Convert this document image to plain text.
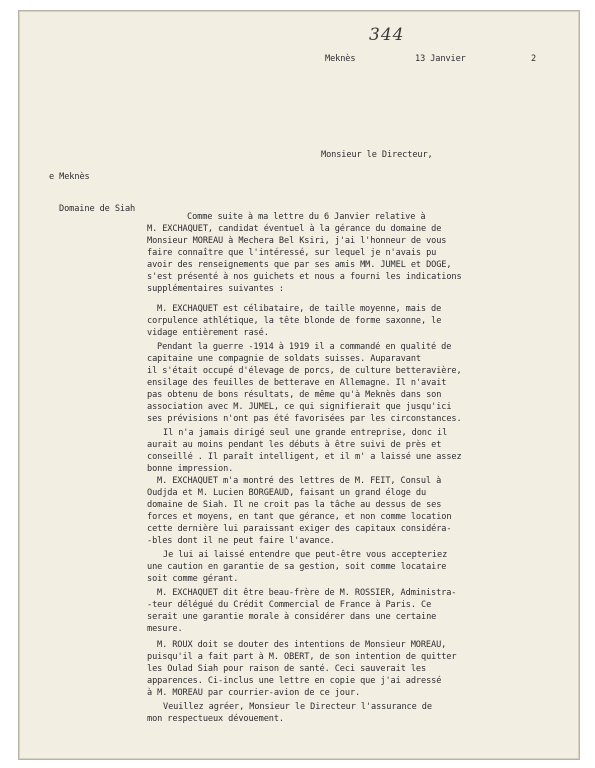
344
Meknès	13 Janvier	2
Monsieur le Directeur,
e Meknès
Domaine de Siah
Comme suite à ma lettre du 6 Janvier relative à
M. EXCHAQUET, candidat éventuel à la gérance du domaine de
Monsieur MOREAU à Mechera Bel Ksiri, j'ai l'honneur de vous
faire connaître que l'intéressé, sur lequel je n'avais pu
avoir des renseignements que par ses amis MM. JUMEL et DOGE,
s'est présenté à nos guichets et nous a fourni les indications
supplémentaires suivantes :
M. EXCHAQUET est célibataire, de taille moyenne, mais de
corpulence athlétique, la tête blonde de forme saxonne, le
vidage entièrement rasé.
Pendant la guerre -1914 à 1919 il a commandé en qualité de
capitaine une compagnie de soldats suisses. Auparavant
il s'était occupé d'élevage de porcs, de culture betteravière,
ensilage des feuilles de betterave en Allemagne. Il n'avait
pas obtenu de bons résultats, de même qu'à Meknès dans son
association avec M. JUMEL, ce qui signifierait que jusqu'ici
ses prévisions n'ont pas été favorisées par les circonstances.
Il n'a jamais dirigé seul une grande entreprise, donc il
aurait au moins pendant les débuts à être suivi de près et
conseillé . Il paraît intelligent, et il m' a laissé une assez
bonne impression.
M. EXCHAQUET m'a montré des lettres de M. FEIT, Consul à
Oudjda et M. Lucien BORGEAUD, faisant un grand éloge du
domaine de Siah. Il ne croit pas la tâche au dessus de ses
forces et moyens, en tant que gérance, et non comme location
cette dernière lui paraissant exiger des capitaux considéra-
-bles dont il ne peut faire l'avance.
Je lui ai laissé entendre que peut-être vous accepteriez
une caution en garantie de sa gestion, soit comme locataire
soit comme gérant.
M. EXCHAQUET dit être beau-frère de M. ROSSIER, Administra-
-teur délégué du Crédit Commercial de France à Paris. Ce
serait une garantie morale à considérer dans une certaine
mesure.
M. ROUX doit se douter des intentions de Monsieur MOREAU,
puisqu'il a fait part à M. OBERT, de son intention de quitter
les Oulad Siah pour raison de santé. Ceci sauverait les
apparences. Ci-inclus une lettre en copie que j'ai adressé
à M. MOREAU par courrier-avion de ce jour.
Veuillez agréer, Monsieur le Directeur l'assurance de
mon respectueux dévouement.
